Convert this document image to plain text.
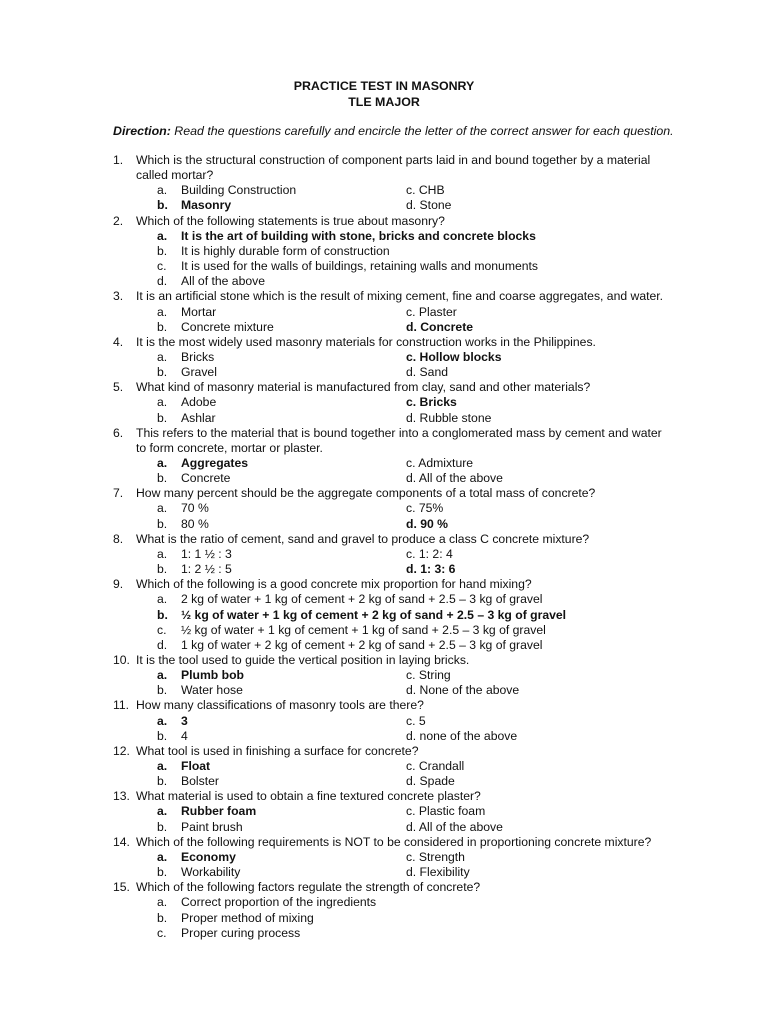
PRACTICE TEST IN MASONRY
TLE MAJOR
Direction: Read the questions carefully and encircle the letter of the correct answer for each question.
1.	Which is the structural construction of component parts laid in and bound together by a material
called mortar?
a.	Building Construction	c. CHB
b.	Masonry	d. Stone
2.	Which of the following statements is true about masonry?
a.	It is the art of building with stone, bricks and concrete blocks
b.	It is highly durable form of construction
c.	It is used for the walls of buildings, retaining walls and monuments
d.	All of the above
3.	It is an artificial stone which is the result of mixing cement, fine and coarse aggregates, and water.
a.	Mortar	c. Plaster
b.	Concrete mixture	d. Concrete
4.	It is the most widely used masonry materials for construction works in the Philippines.
a.	Bricks	c. Hollow blocks
b.	Gravel	d. Sand
5.	What kind of masonry material is manufactured from clay, sand and other materials?
a.	Adobe	c. Bricks
b.	Ashlar	d. Rubble stone
6.	This refers to the material that is bound together into a conglomerated mass by cement and water
to form concrete, mortar or plaster.
a.	Aggregates	c. Admixture
b.	Concrete	d. All of the above
7.	How many percent should be the aggregate components of a total mass of concrete?
a.	70 %	c. 75%
b.	80 %	d. 90 %
8.	What is the ratio of cement, sand and gravel to produce a class C concrete mixture?
a.	1: 1 ½ : 3	c. 1: 2: 4
b.	1: 2 ½ : 5	d. 1: 3: 6
9.	Which of the following is a good concrete mix proportion for hand mixing?
a.	2 kg of water + 1 kg of cement + 2 kg of sand + 2.5 – 3 kg of gravel
b.	½ kg of water + 1 kg of cement + 2 kg of sand + 2.5 – 3 kg of gravel
c.	½ kg of water + 1 kg of cement + 1 kg of sand + 2.5 – 3 kg of gravel
d.	1 kg of water + 2 kg of cement + 2 kg of sand + 2.5 – 3 kg of gravel
10. It is the tool used to guide the vertical position in laying bricks.
a.	Plumb bob	c. String
b.	Water hose	d. None of the above
11. How many classifications of masonry tools are there?
a.	3	c. 5
b.	4	d. none of the above
12. What tool is used in finishing a surface for concrete?
a.	Float	c. Crandall
b.	Bolster	d. Spade
13. What material is used to obtain a fine textured concrete plaster?
a.	Rubber foam	c. Plastic foam
b.	Paint brush	d. All of the above
14. Which of the following requirements is NOT to be considered in proportioning concrete mixture?
a.	Economy	c. Strength
b.	Workability	d. Flexibility
15. Which of the following factors regulate the strength of concrete?
a.	Correct proportion of the ingredients
b.	Proper method of mixing
c.	Proper curing process
